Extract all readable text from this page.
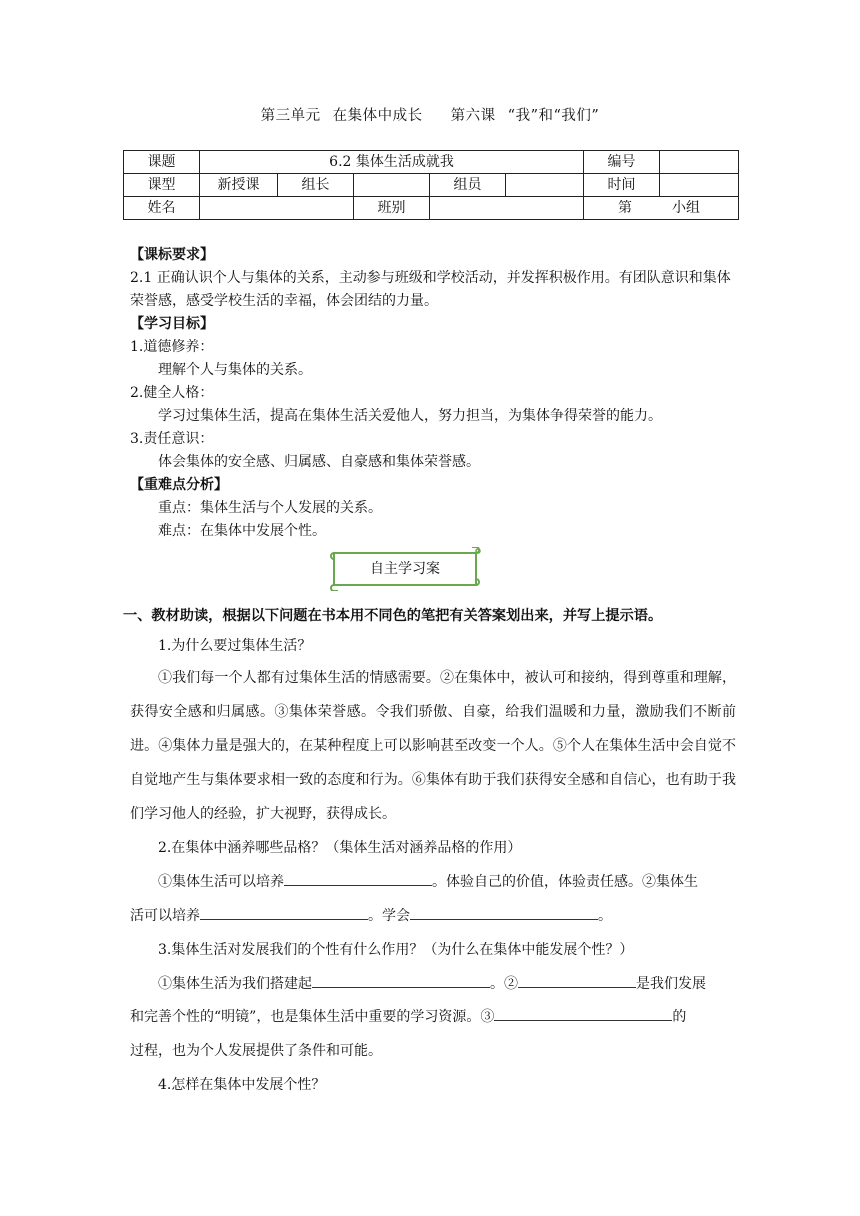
第三单元 在集体中成长 第六课 “我”和“我们”
课题	6.2 集体生活成就我					编号	
课型	新授课	组长		组员		时间	
姓名			班别			第 小组	
【课标要求】
2.1 正确认识个人与集体的关系，主动参与班级和学校活动，并发挥积极作用。有团队意识和集体荣誉感，感受学校生活的幸福，体会团结的力量。
【学习目标】
1.道德修养：
理解个人与集体的关系。
2.健全人格：
学习过集体生活，提高在集体生活关爱他人，努力担当，为集体争得荣誉的能力。
3.责任意识：
体会集体的安全感、归属感、自豪感和集体荣誉感。
【重难点分析】
重点：集体生活与个人发展的关系。
难点：在集体中发展个性。
自主学习案
一、教材助读，根据以下问题在书本用不同色的笔把有关答案划出来，并写上提示语。
1.为什么要过集体生活？
①我们每一个人都有过集体生活的情感需要。②在集体中，被认可和接纳，得到尊重和理解，获得安全感和归属感。③集体荣誉感。令我们骄傲、自豪，给我们温暖和力量，激励我们不断前进。④集体力量是强大的，在某种程度上可以影响甚至改变一个人。⑤个人在集体生活中会自觉不自觉地产生与集体要求相一致的态度和行为。⑥集体有助于我们获得安全感和自信心，也有助于我们学习他人的经验，扩大视野，获得成长。
2.在集体中涵养哪些品格？（集体生活对涵养品格的作用）
①集体生活可以培养	。体验自己的价值，体验责任感。②集体生
活可以培养	。学会	。
3.集体生活对发展我们的个性有什么作用？（为什么在集体中能发展个性？）
①集体生活为我们搭建起	。②	是我们发展
和完善个性的“明镜”，也是集体生活中重要的学习资源。③	的
过程，也为个人发展提供了条件和可能。
4.怎样在集体中发展个性？
